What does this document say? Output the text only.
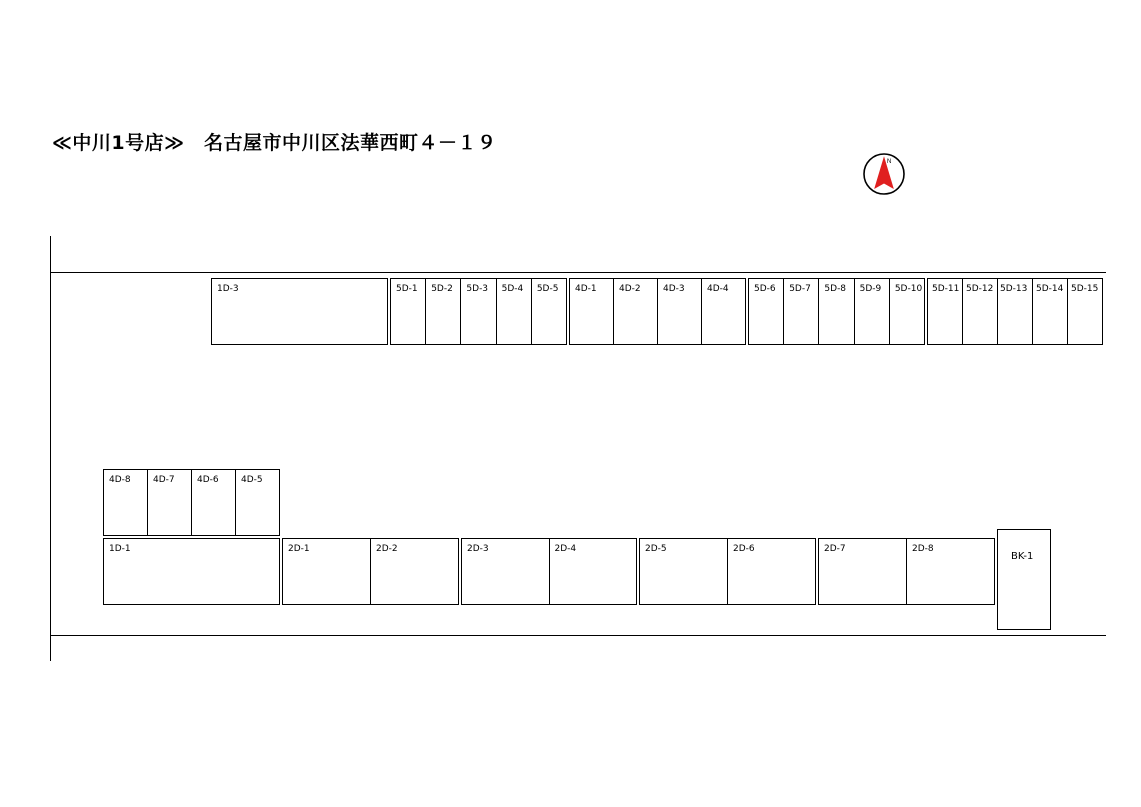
≪中川1号店≫　名古屋市中川区法華西町４－１９
N
1D-3	5D-1 5D-2 5D-3 5D-4 5D-5 4D-1 4D-2 4D-3 4D-4	5D-6 5D-7 5D-8 5D-9 5D-10 5D-11 5D-12 5D-13 5D-14 5D-15
4D-8 4D-7 4D-6 4D-5
1D-1	2D-1	2D-2	2D-3	2D-4	2D-5	2D-6	2D-7	2D-8
BK-1
